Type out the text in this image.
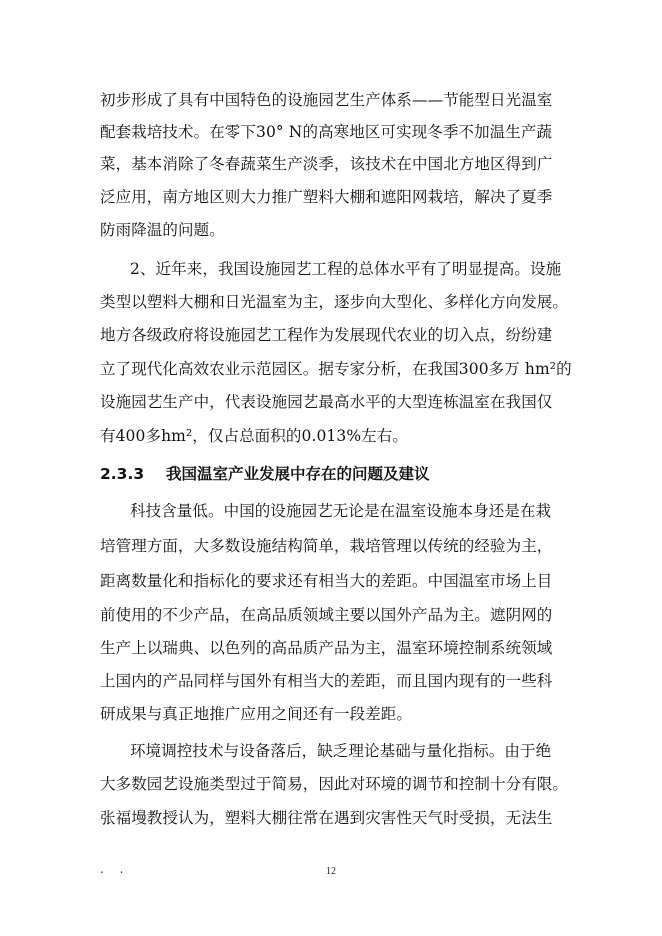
初步形成了具有中国特色的设施园艺生产体系——节能型日光温室
配套栽培技术。在零下30° N的高寒地区可实现冬季不加温生产蔬
菜，基本消除了冬春蔬菜生产淡季，该技术在中国北方地区得到广
泛应用，南方地区则大力推广塑料大棚和遮阳网栽培，解决了夏季
防雨降温的问题。
2、近年来，我国设施园艺工程的总体水平有了明显提高。设施
类型以塑料大棚和日光温室为主，逐步向大型化、多样化方向发展。
地方各级政府将设施园艺工程作为发展现代农业的切入点，纷纷建
立了现代化高效农业示范园区。据专家分析，在我国300多万 hm²的
设施园艺生产中，代表设施园艺最高水平的大型连栋温室在我国仅
有400多hm²，仅占总面积的0.013%左右。
2.3.3 我国温室产业发展中存在的问题及建议
科技含量低。中国的设施园艺无论是在温室设施本身还是在栽
培管理方面，大多数设施结构简单，栽培管理以传统的经验为主，
距离数量化和指标化的要求还有相当大的差距。中国温室市场上目
前使用的不少产品，在高品质领域主要以国外产品为主。遮阴网的
生产上以瑞典、以色列的高品质产品为主，温室环境控制系统领域
上国内的产品同样与国外有相当大的差距，而且国内现有的一些科
研成果与真正地推广应用之间还有一段差距。
环境调控技术与设备落后，缺乏理论基础与量化指标。由于绝
大多数园艺设施类型过于简易，因此对环境的调节和控制十分有限。
张福墁教授认为，塑料大棚往常在遇到灾害性天气时受损，无法生
. .	12
